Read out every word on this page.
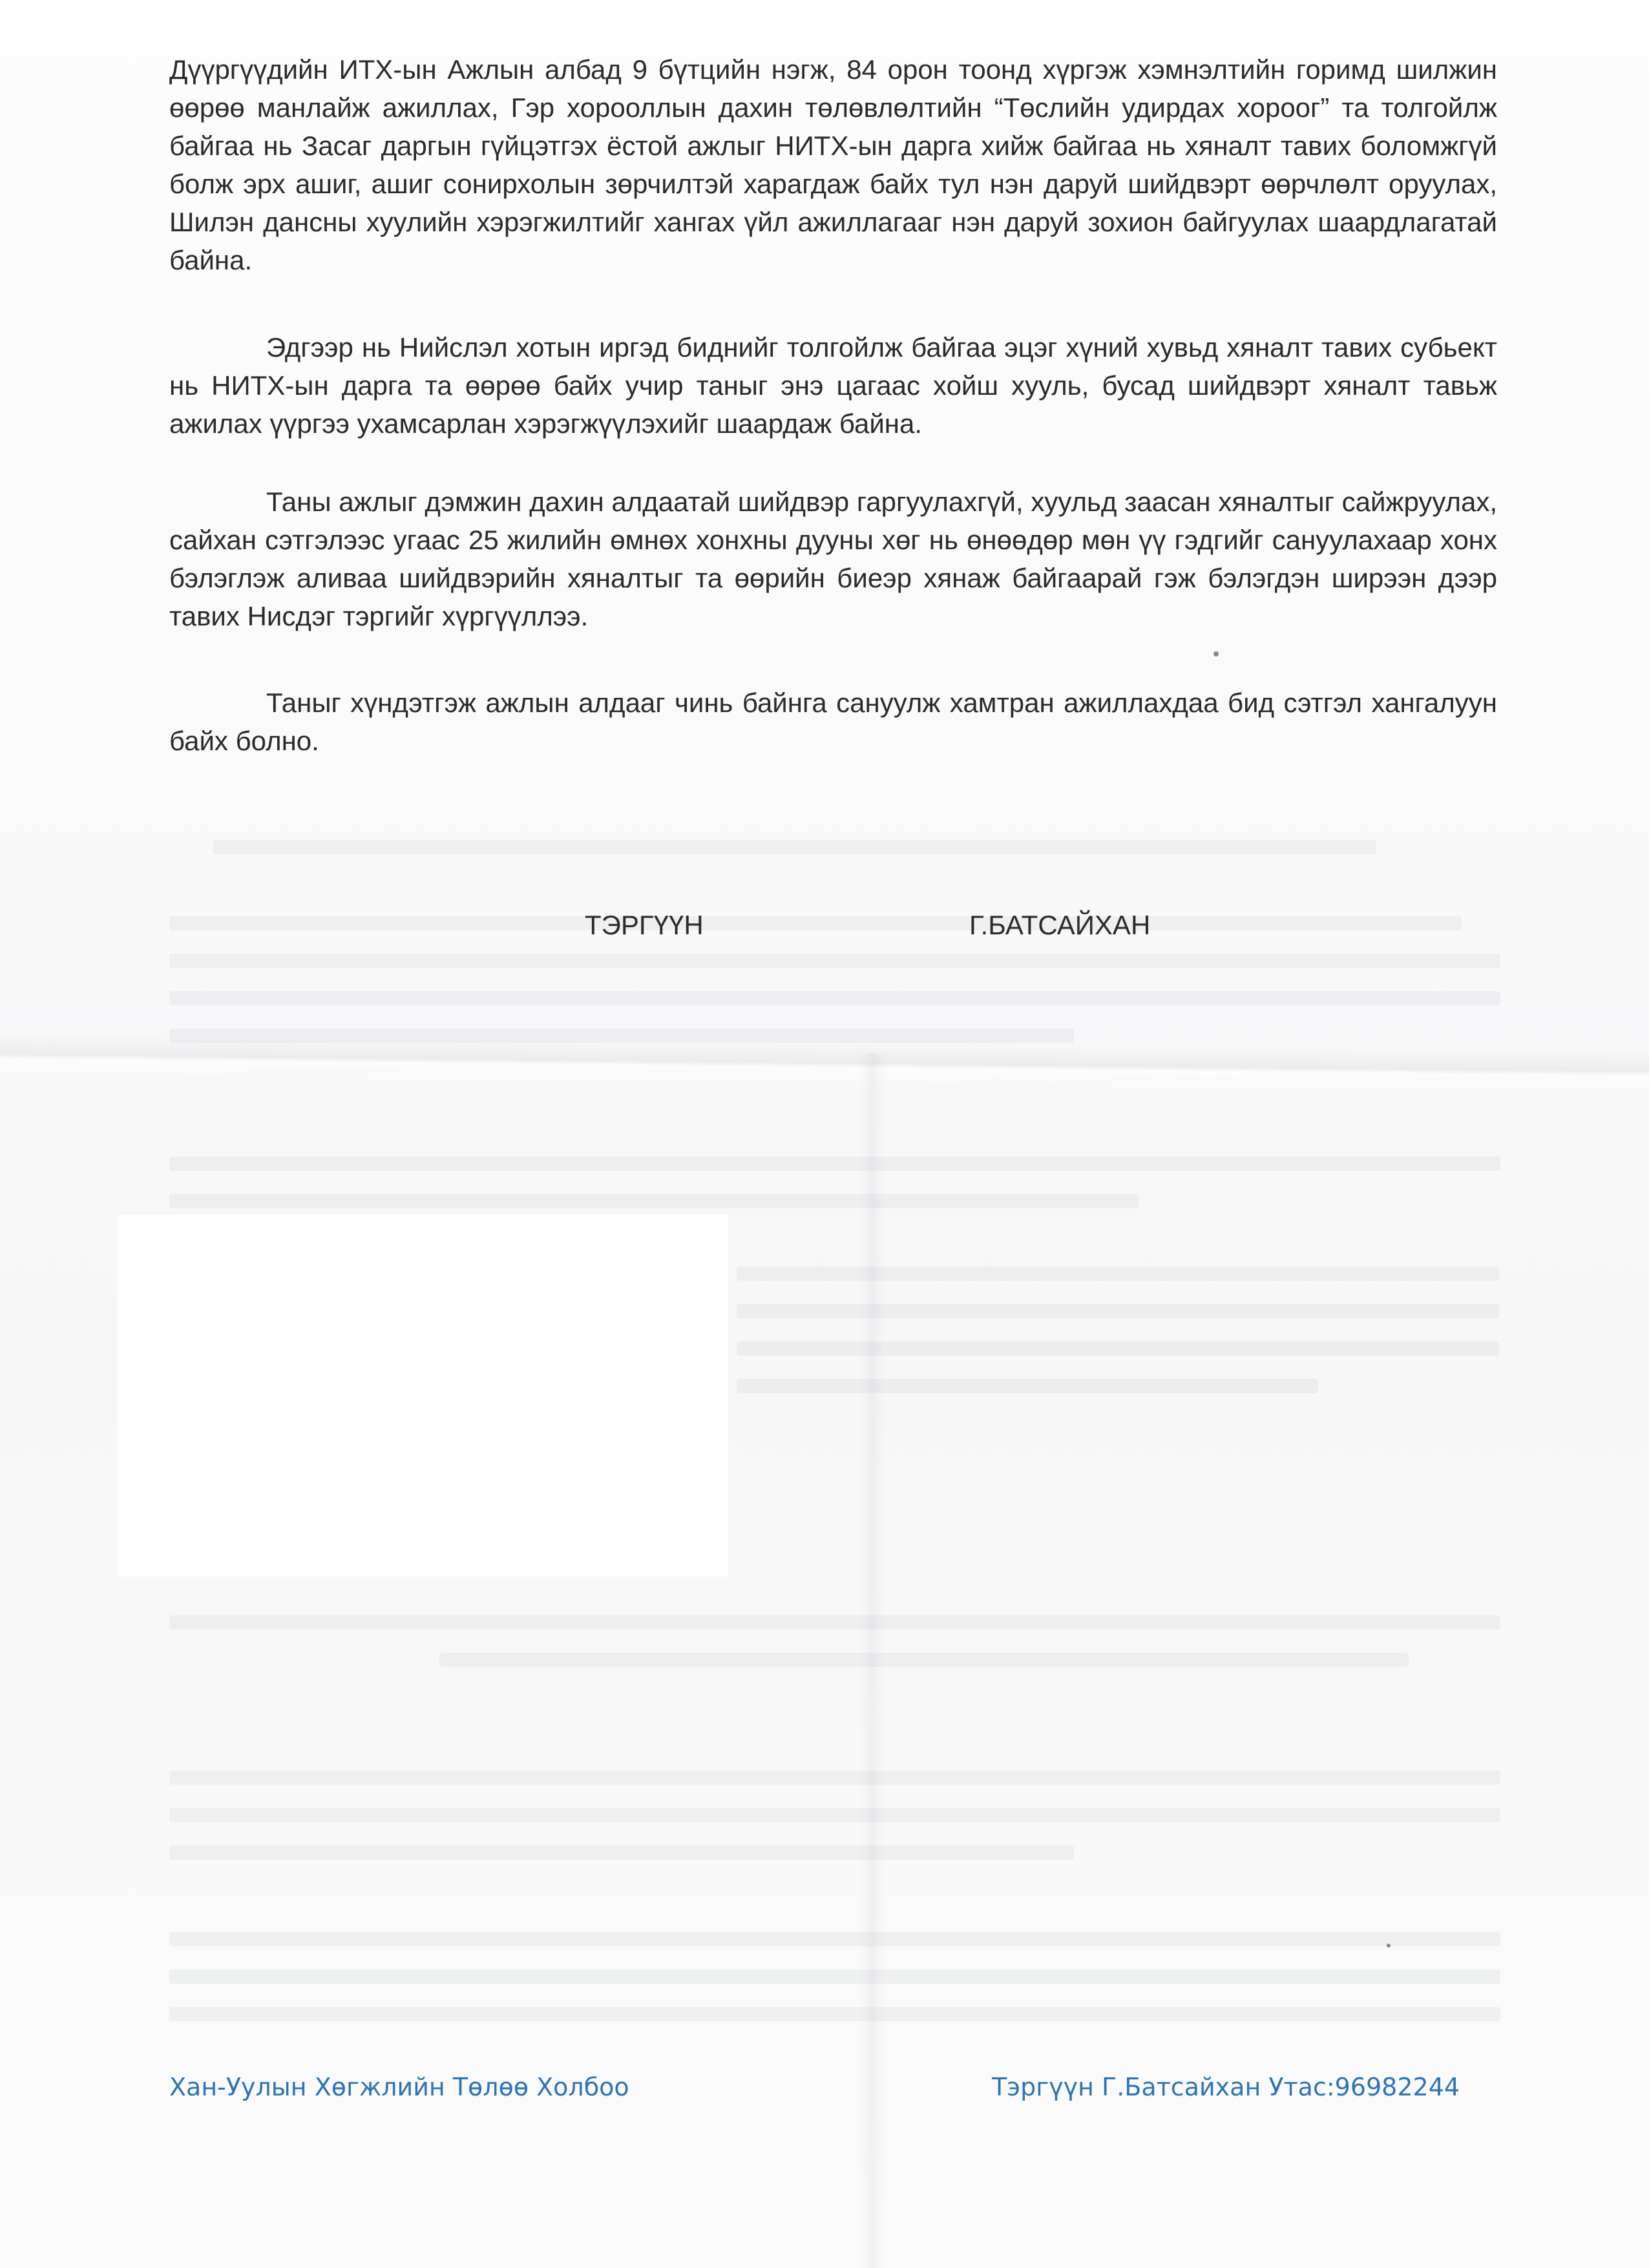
Дүүргүүдийн ИТХ-ын Ажлын албад 9 бүтцийн нэгж, 84 орон тоонд хүргэж хэмнэлтийн горимд шилжин өөрөө манлайж ажиллах, Гэр хорооллын дахин төлөвлөлтийн “Төслийн удирдах хороог” та толгойлж байгаа нь Засаг даргын гүйцэтгэх ёстой ажлыг НИТХ-ын дарга хийж байгаа нь хяналт тавих боломжгүй болж эрх ашиг, ашиг сонирхолын зөрчилтэй харагдаж байх тул нэн даруй шийдвэрт өөрчлөлт оруулах, Шилэн дансны хуулийн хэрэгжилтийг хангах үйл ажиллагааг нэн даруй зохион байгуулах шаардлагатай байна.
Эдгээр нь Нийслэл хотын иргэд биднийг толгойлж байгаа эцэг хүний хувьд хяналт тавих субьект нь НИТХ-ын дарга та өөрөө байх учир таныг энэ цагаас хойш хууль, бусад шийдвэрт хяналт тавьж ажилах үүргээ ухамсарлан хэрэгжүүлэхийг шаардаж байна.
Таны ажлыг дэмжин дахин алдаатай шийдвэр гаргуулахгүй, хуульд заасан хяналтыг сайжруулах, сайхан сэтгэлээс угаас 25 жилийн өмнөх хонхны дууны хөг нь өнөөдөр мөн үү гэдгийг сануулахаар хонх бэлэглэж аливаа шийдвэрийн хяналтыг та өөрийн биеэр хянаж байгаарай гэж бэлэгдэн ширээн дээр тавих Нисдэг тэргийг хүргүүллээ.
Таныг хүндэтгэж ажлын алдааг чинь байнга сануулж хамтран ажиллахдаа бид сэтгэл хангалуун байх болно.
ТЭРГҮҮН	Г.БАТСАЙХАН
Хан-Уулын Хөгжлийн Төлөө Холбоо	Тэргүүн Г.Батсайхан Утас:96982244
